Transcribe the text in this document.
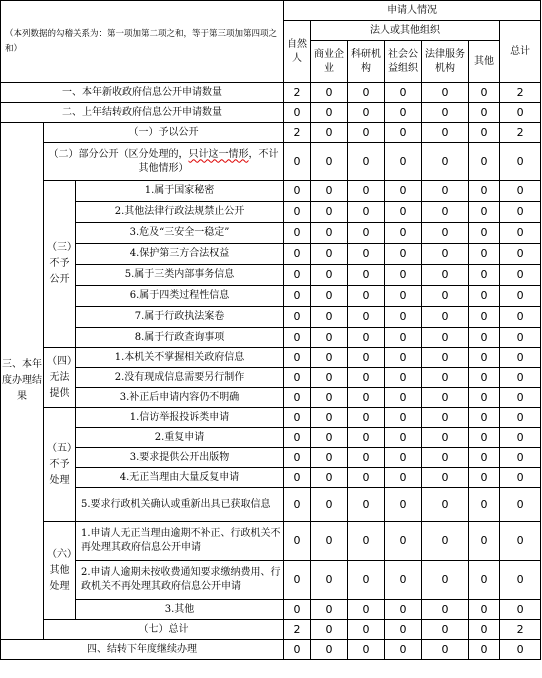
（本列数据的勾稽关系为：第一项加第二项之和，等于第三项加第四项之和）			申请人情况						
			自然人	法人或其他组织					总计
				商业企业	科研机构	社会公益组织	法律服务机构	其他	
一、本年新收政府信息公开申请数量			2	0	0	0	0	0	2
二、上年结转政府信息公开申请数量			0	0	0	0	0	0	0
三、本年度办理结果	（一）予以公开		2	0	0	0	0	0	2
	（二）部分公开（区分处理的，只计这一情形，不计其他情形）		0	0	0	0	0	0	0
	（三）不予公开	1.属于国家秘密	0	0	0	0	0	0	0
		2.其他法律行政法规禁止公开	0	0	0	0	0	0	0
		3.危及“三安全一稳定”	0	0	0	0	0	0	0
		4.保护第三方合法权益	0	0	0	0	0	0	0
		5.属于三类内部事务信息	0	0	0	0	0	0	0
		6.属于四类过程性信息	0	0	0	0	0	0	0
		7.属于行政执法案卷	0	0	0	0	0	0	0
		8.属于行政查询事项	0	0	0	0	0	0	0
	（四）无法提供	1.本机关不掌握相关政府信息	0	0	0	0	0	0	0
		2.没有现成信息需要另行制作	0	0	0	0	0	0	0
		3.补正后申请内容仍不明确	0	0	0	0	0	0	0
	（五）不予处理	1.信访举报投诉类申请	0	0	0	0	0	0	0
		2.重复申请	0	0	0	0	0	0	0
		3.要求提供公开出版物	0	0	0	0	0	0	0
		4.无正当理由大量反复申请	0	0	0	0	0	0	0
		5.要求行政机关确认或重新出具已获取信息	0	0	0	0	0	0	0
	（六）其他处理	1.申请人无正当理由逾期不补正、行政机关不再处理其政府信息公开申请	0	0	0	0	0	0	0
		2.申请人逾期未按收费通知要求缴纳费用、行政机关不再处理其政府信息公开申请	0	0	0	0	0	0	0
		3.其他	0	0	0	0	0	0	0
	（七）总计		2	0	0	0	0	0	2
四、结转下年度继续办理			0	0	0	0	0	0	0
